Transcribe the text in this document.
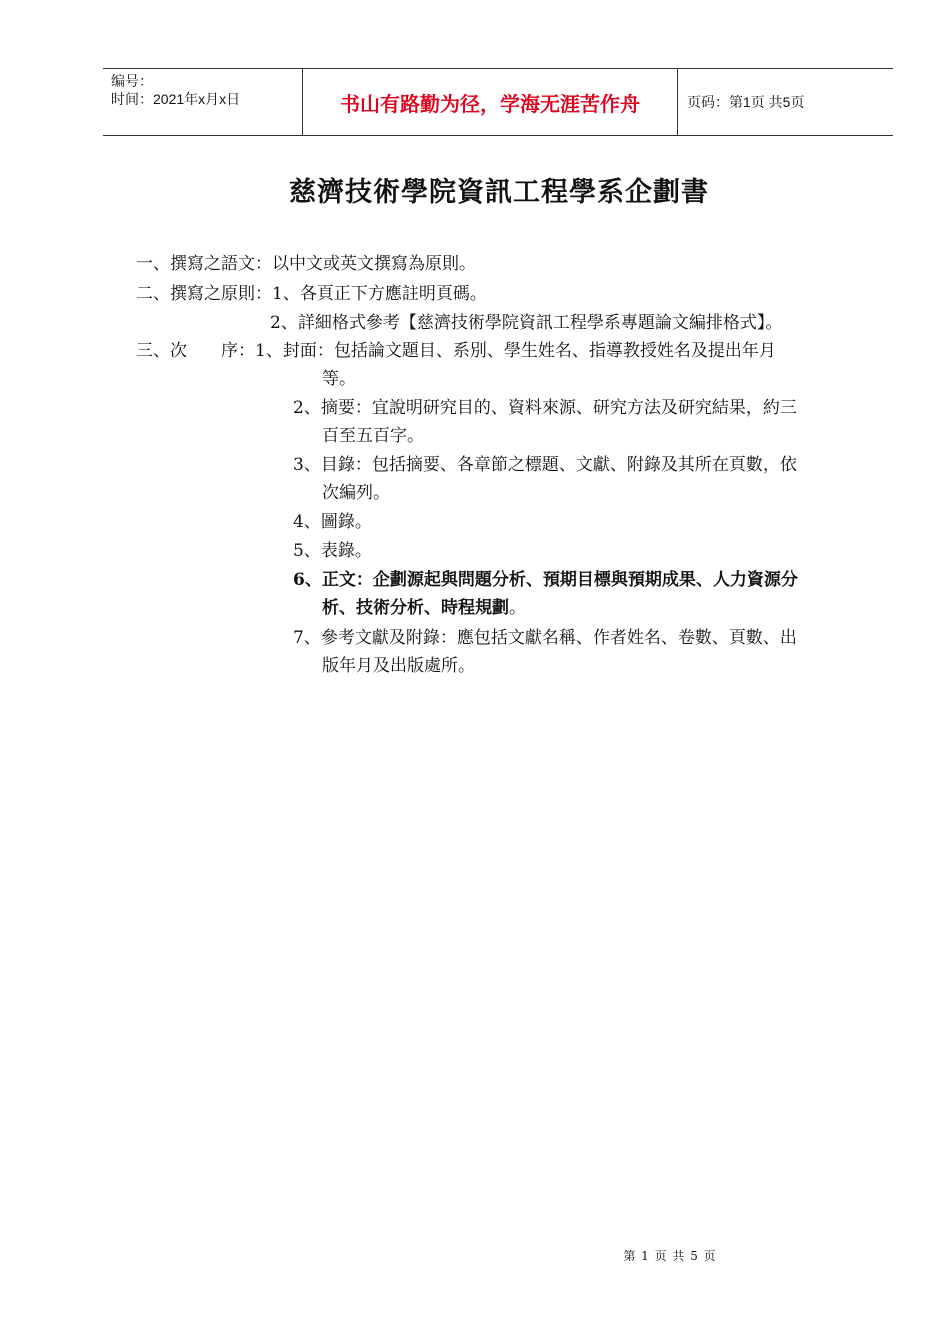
编号：
时间：2021年x月x日	书山有路勤为径，学海无涯苦作舟	页码：第1页 共5页
慈濟技術學院資訊工程學系企劃書
一、撰寫之語文：以中文或英文撰寫為原則。
二、撰寫之原則：1、各頁正下方應註明頁碼。
2、詳細格式參考【慈濟技術學院資訊工程學系專題論文編排格式】。
三、次　　序：1、封面：包括論文題目、系別、學生姓名、指導教授姓名及提出年月
等。
2、摘要：宜說明研究目的、資料來源、研究方法及研究結果，約三
百至五百字。
3、目錄：包括摘要、各章節之標題、文獻、附錄及其所在頁數，依
次編列。
4、圖錄。
5、表錄。
6、正文：企劃源起與問題分析、預期目標與預期成果、人力資源分
析、技術分析、時程規劃。
7、參考文獻及附錄：應包括文獻名稱、作者姓名、卷數、頁數、出
版年月及出版處所。
第 1 页 共 5 页
